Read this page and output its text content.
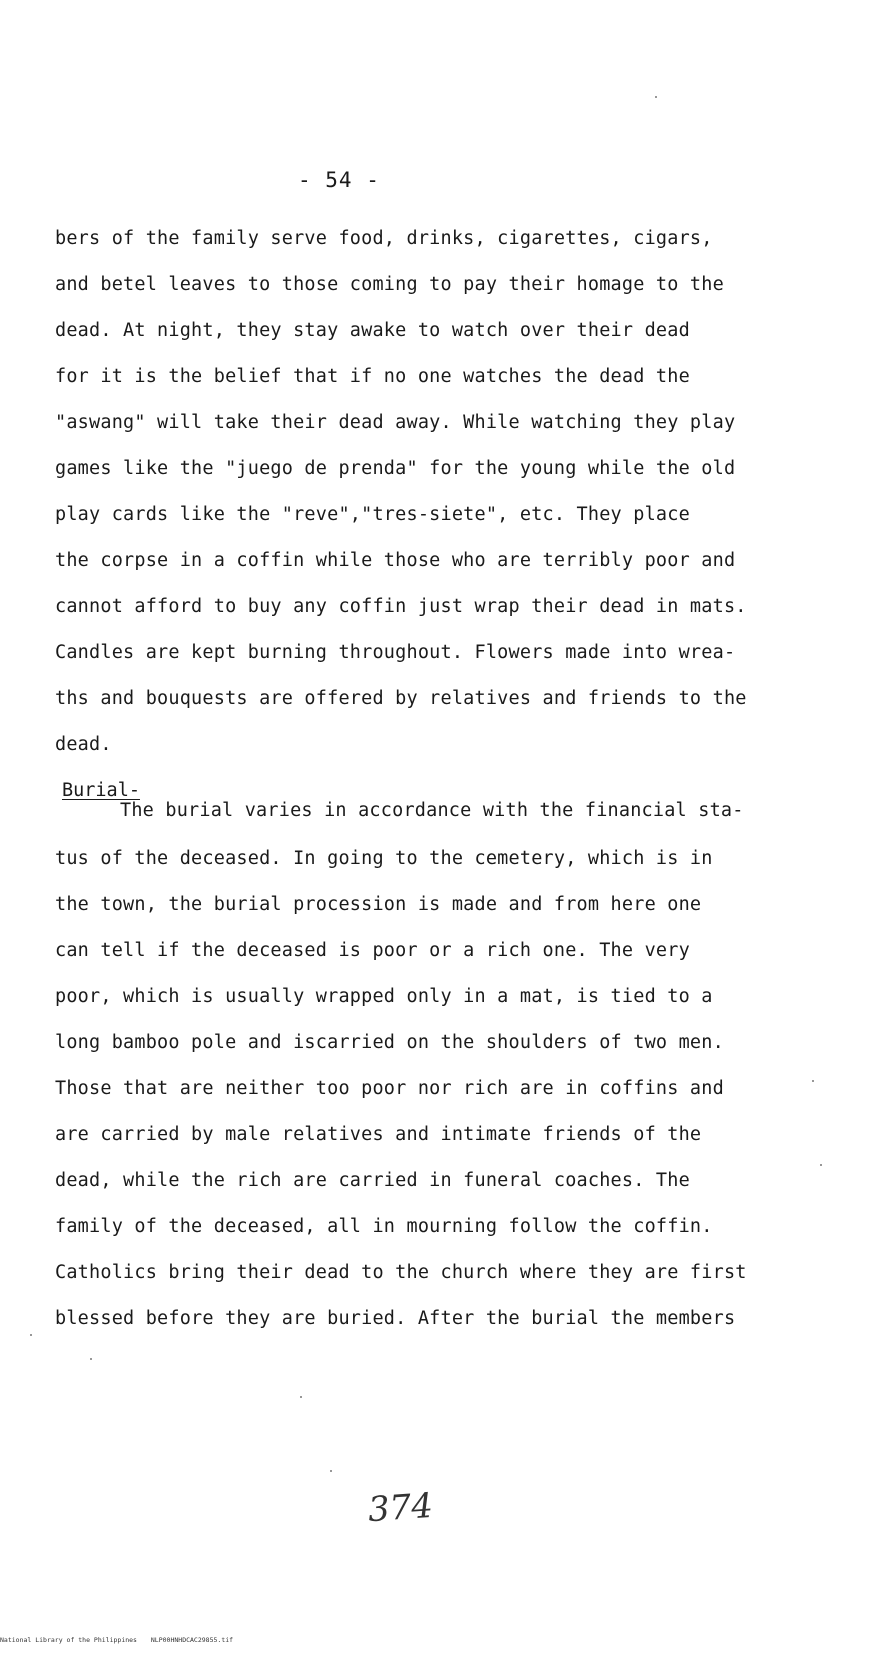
- 54 -
bers of the family serve food, drinks, cigarettes, cigars,
and betel leaves to those coming to pay their homage to the
dead. At night, they stay awake to watch over their dead
for it is the belief that if no one watches the dead the
"aswang" will take their dead away. While watching they play
games like the "juego de prenda" for the young while the old
play cards like the "reve","tres-siete", etc. They place
the corpse in a coffin while those who are terribly poor and
cannot afford to buy any coffin just wrap their dead in mats.
Candles are kept burning throughout. Flowers made into wrea-
ths and bouquests are offered by relatives and friends to the
dead.
Burial-
The burial varies in accordance with the financial sta-
tus of the deceased. In going to the cemetery, which is in
the town, the burial procession is made and from here one
can tell if the deceased is poor or a rich one. The very
poor, which is usually wrapped only in a mat, is tied to a
long bamboo pole and iscarried on the shoulders of two men.
Those that are neither too poor nor rich are in coffins and
are carried by male relatives and intimate friends of the
dead, while the rich are carried in funeral coaches. The
family of the deceased, all in mourning follow the coffin.
Catholics bring their dead to the church where they are first
blessed before they are buried. After the burial the members
374
National Library of the Philippines NLP00HNHDCAC29855.tif
